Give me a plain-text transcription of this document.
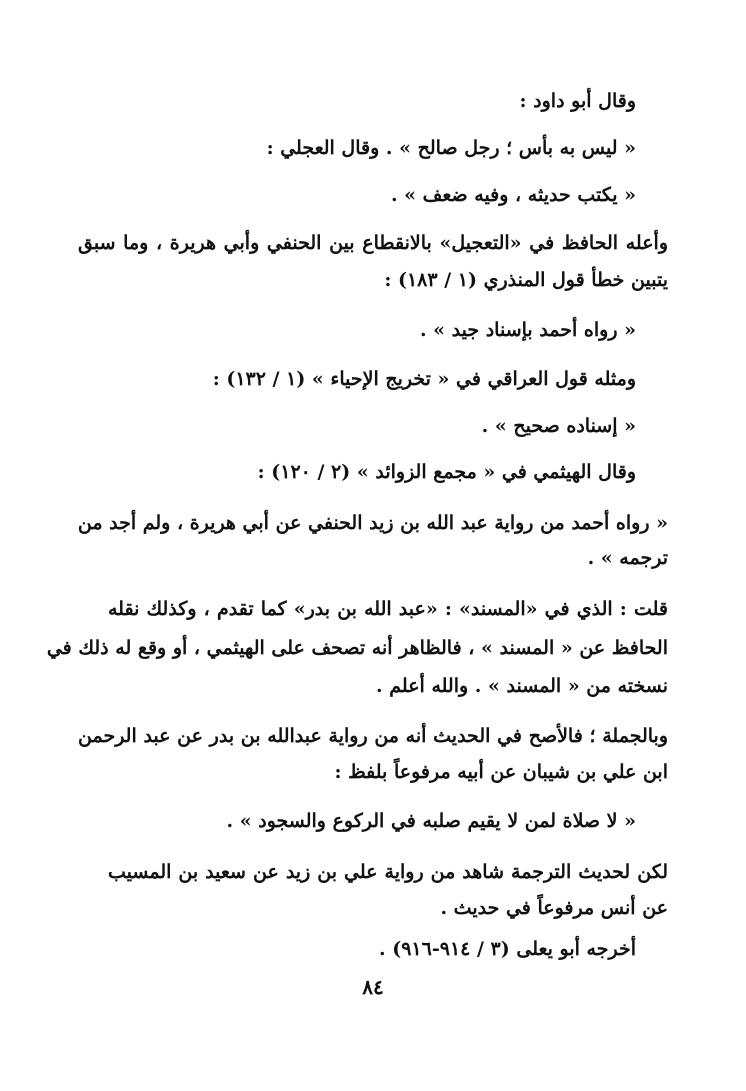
وقال أبو داود :

« ليس به بأس ؛ رجل صالح » . وقال العجلي :

« يكتب حديثه ، وفيه ضعف » .

وأعله الحافظ في «التعجيل» بالانقطاع بين الحنفي وأبي هريرة ، وما سبق

يتبين خطأ قول المنذري (١ / ١٨٣) :

« رواه أحمد بإسناد جيد » .

ومثله قول العراقي في « تخريج الإحياء » (١ / ١٣٢) :

« إسناده صحيح » .

وقال الهيثمي في « مجمع الزوائد » (٢ / ١٢٠) :

« رواه أحمد من رواية عبد الله بن زيد الحنفي عن أبي هريرة ، ولم أجد من

ترجمه » .

قلت : الذي في «المسند» : «عبد الله بن بدر» كما تقدم ، وكذلك نقله

الحافظ عن « المسند » ، فالظاهر أنه تصحف على الهيثمي ، أو وقع له ذلك في

نسخته من « المسند » . والله أعلم .

وبالجملة ؛ فالأصح في الحديث أنه من رواية عبدالله بن بدر عن عبد الرحمن

ابن علي بن شيبان عن أبيه مرفوعاً بلفظ :

« لا صلاة لمن لا يقيم صلبه في الركوع والسجود » .

لكن لحديث الترجمة شاهد من رواية علي بن زيد عن سعيد بن المسيب

عن أنس مرفوعاً في حديث .

أخرجه أبو يعلى (٣ / ٩١٤-٩١٦) .

٨٤
